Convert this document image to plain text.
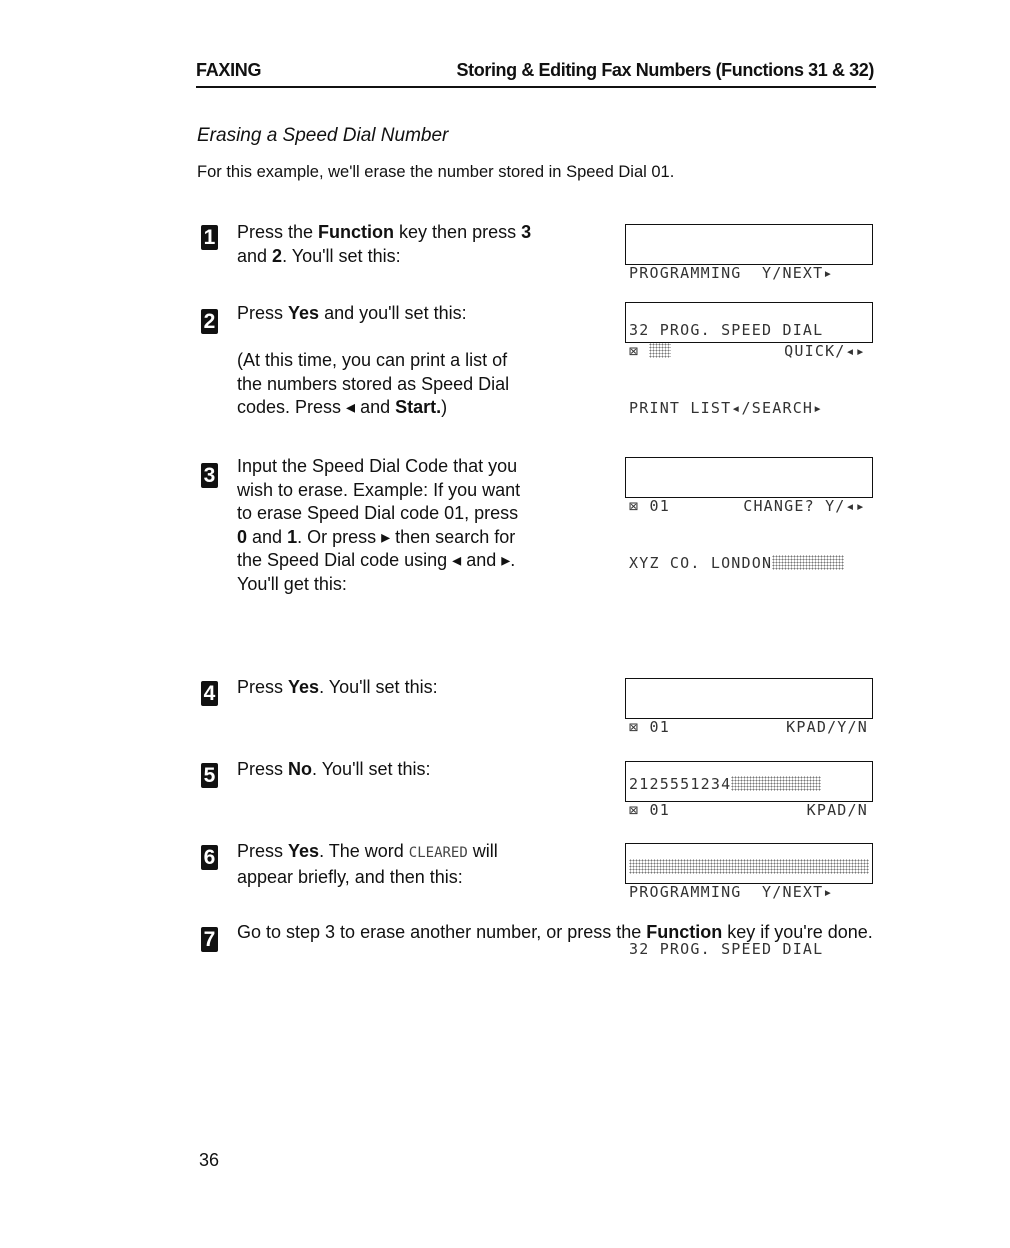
FAXING	Storing & Editing Fax Numbers (Functions 31 & 32)
Erasing a Speed Dial Number
For this example, we'll erase the number stored in Speed Dial 01.
1 Press the Function key then press 3 and 2. You'll set this:

PROGRAMMING  Y/NEXT▸

32 PROG. SPEED DIAL

2 Press Yes and you'll set this:
(At this time, you can print a list of the numbers stored as Speed Dial codes. Press ◂ and Start.)

⊠	QUICK/◂▸

PRINT LIST◂/SEARCH▸

3 Input the Speed Dial Code that you wish to erase. Example: If you want to erase Speed Dial code 01, press 0 and 1. Or press ▸ then search for the Speed Dial code using ◂ and ▸. You'll get this:

⊠ 01	CHANGE? Y/◂▸

XYZ CO. LONDON

4 Press Yes. You'll set this:

⊠ 01	KPAD/Y/N

2125551234

5 Press No. You'll set this:

⊠ 01	KPAD/N

6 Press Yes. The word CLEARED will appear briefly, and then this:

PROGRAMMING  Y/NEXT▸

32 PROG. SPEED DIAL

7 Go to step 3 to erase another number, or press the Function key if you're done.
36
